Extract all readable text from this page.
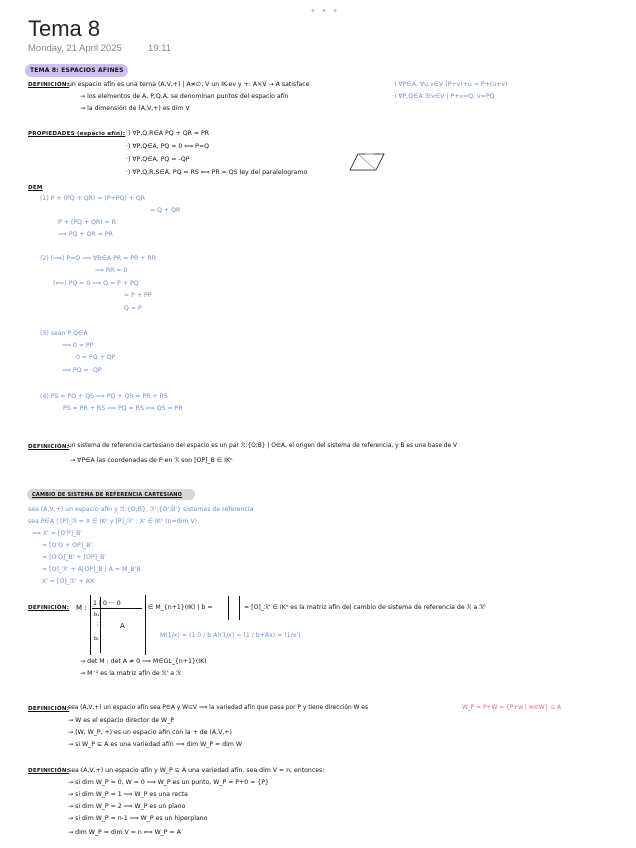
• • •
Tema 8
Monday, 21 April 2025	19:11
TEMA 8: ESPACIOS AFINES
DEFINICIÓN:
un espacio afín es una terna (A,V,+) | A≠∅, V un IK-ev y +: A×V → A satisface
→ los elementos de A, P,Q,A, se denominan puntos del espacio afín
→ la dimensión de (A,V,+) es dim V
·) ∀P∈A, ∀u,v∈V (P+v)+u = P+(u+v)
·) ∀P,Q∈A ∃!v∈V | P+v=Q, v=PQ
PROPIEDADES (espacio afín): ·) ∀P,Q,R∈A PQ + QR = PR
·) ∀P,Q∈A, PQ = 0 ⟺ P=Q
·) ∀P,Q∈A, PQ = -QP
·) ∀P,Q,R,S∈A, PQ = RS ⟺ PR = QS ley del paralelogramo
DEM
(1) P + (PQ + QR) = (P+PQ) + QR
= Q + QR
P + (PQ + QR) = R
⟹ PQ + QR = PR
(2) (⟹) P=Q ⟹ ∀R∈A PR = PR + RR
⟹ RR = 0
(⟸) PQ = 0 ⟹ Q = P + PQ
= P + PP
Q = P
(3) sean P,Q∈A
⟹ 0 = PP
0 = PQ + QP
⟹ PQ = -QP
(4) PS = PQ + QS ⟹ PQ + QS = PR + RS
PS = PR + RS ⟹ PQ = RS ⟺ QS = PR
DEFINICIÓN:
un sistema de referencia cartesiano del espacio es un par ℛ:{O;B} | O∈A, el origen del sistema de referencia, y B es una base de V
→ ∀P∈A las coordenadas de P en ℛ son [OP]_B ∈ IKⁿ
CAMBIO DE SISTEMA DE REFERENCIA CARTESIANO
sea (A,V,+) un espacio afín y ℛ:{O;B}, ℛ':{O';B'} sistemas de referencia
sea P∈A | [P]_ℛ = X ∈ IKⁿ y [P]_ℛ' : X' ∈ IKⁿ (n=dim V)
⟹ X' = [O'P]_B'
= [O'O + OP]_B'
= [O'O]_B' + [OP]_B'
= [O]_ℛ' + A[OP]_B | A = M_B'B
X' = [O]_ℛ' + AX
DEFINICIÓN: M :
1 | 0 ··· 0
b₁
⋮
bₙ
A
∈ M_{n+1}(IK) | b =	= [O]_ℛ' ∈ IKⁿ es la matriz afín del cambio de sistema de referencia de ℛ a ℛ'
M(1/x) = (1 0 / b A)(1/x) = (1 / b+Ax) = (1/x')
→ det M : det A ≠ 0 ⟹ M∈GL_{n+1}(IK)
→ M⁻¹ es la matriz afín de ℛ' a ℛ
DEFINICIÓN:
sea (A,V,+) un espacio afín sea P∈A y W⊆V ⟹ la variedad afín que pasa por P y tiene dirección W es	W_P = P+W = {P+w | w∈W} ⊆ A
→ W es el espacio director de W_P
→ (W, W_P, +) es un espacio afín con la + de (A,V,+)
→ si W_P ⊆ A es una variedad afín ⟹ dim W_P = dim W
DEFINICIÓN:
sea (A,V,+) un espacio afín y W_P ⊆ A una variedad afín. sea dim V = n, entonces:
→ si dim W_P = 0, W = 0 ⟹ W_P es un punto, W_P = P+0 = {P}
→ si dim W_P = 1 ⟹ W_P es una recta
→ si dim W_P = 2 ⟹ W_P es un plano
→ si dim W_P = n-1 ⟹ W_P es un hiperplano
→ dim W_P = dim V = n ⟺ W_P = A
